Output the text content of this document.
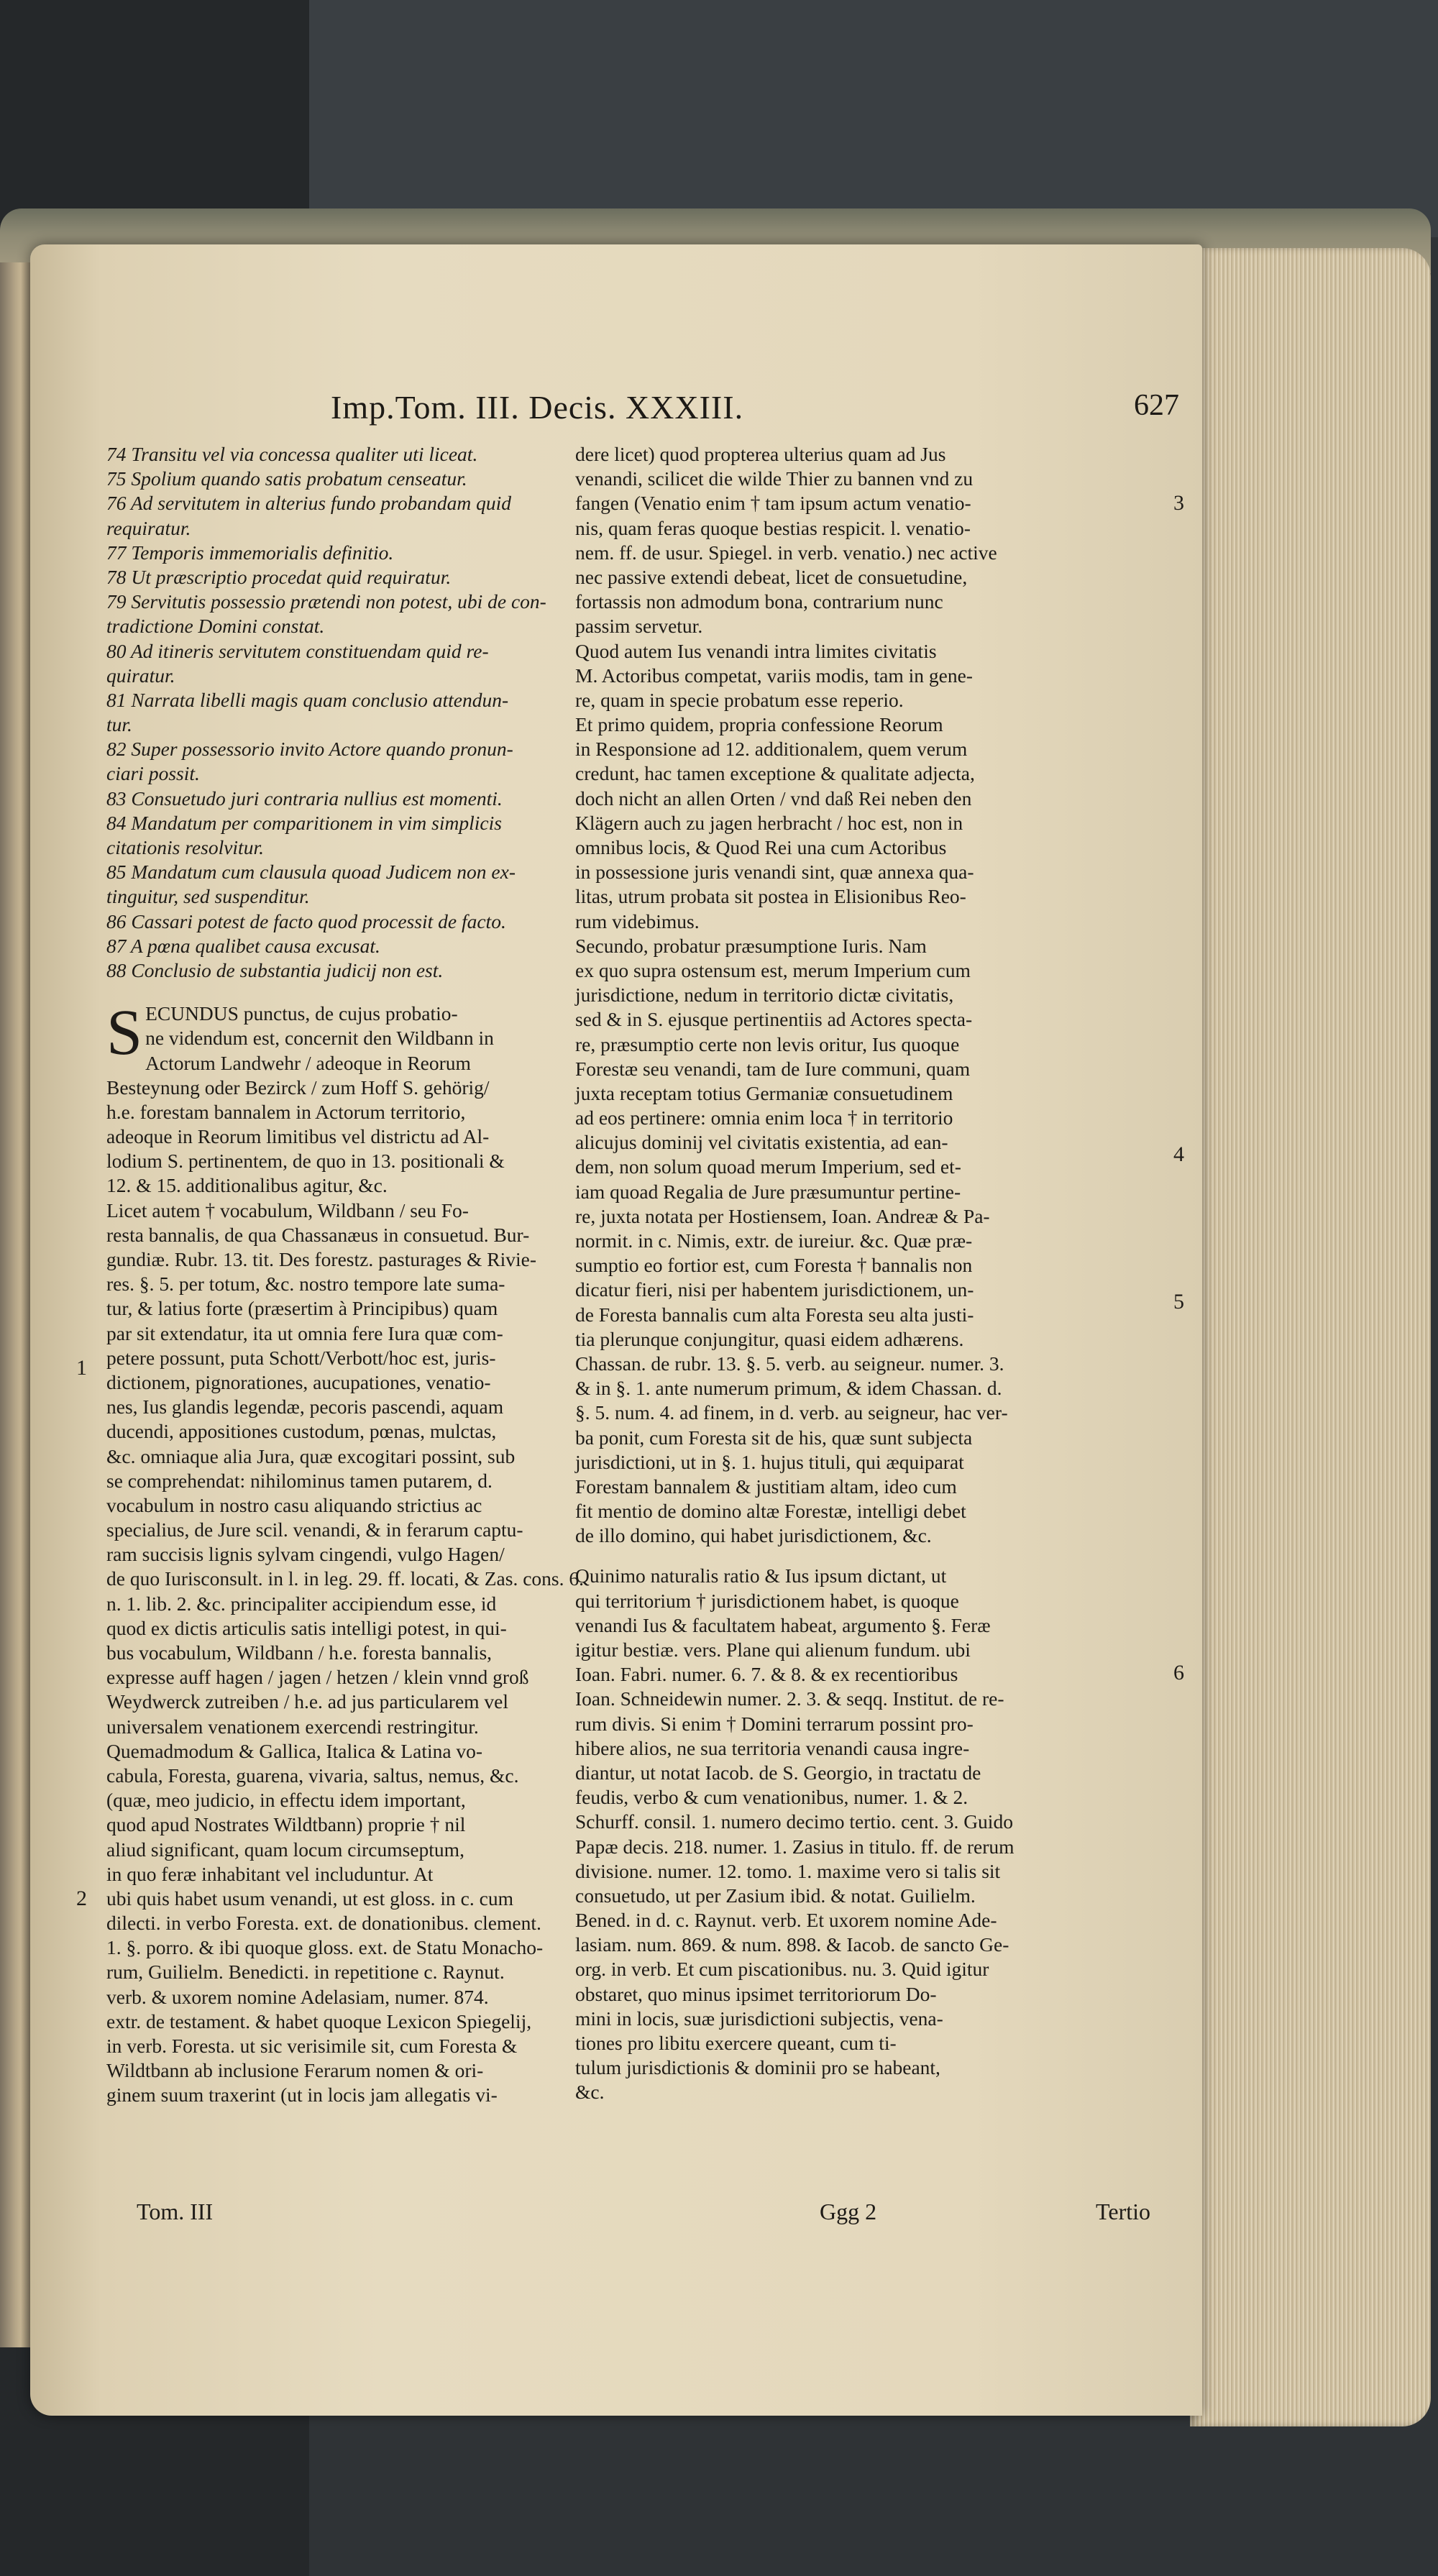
Imp.Tom. III. Decis. XXXIII.	627
74 Transitu vel via concessa qualiter uti liceat.
75 Spolium quando satis probatum censeatur.
76 Ad servitutem in alterius fundo probandam quid
requiratur.
77 Temporis immemorialis definitio.
78 Ut præscriptio procedat quid requiratur.
79 Servitutis possessio prætendi non potest, ubi de con-
tradictione Domini constat.
80 Ad itineris servitutem constituendam quid re-
quiratur.
81 Narrata libelli magis quam conclusio attendun-
tur.
82 Super possessorio invito Actore quando pronun-
ciari possit.
83 Consuetudo juri contraria nullius est momenti.
84 Mandatum per comparitionem in vim simplicis
citationis resolvitur.
85 Mandatum cum clausula quoad Judicem non ex-
tinguitur, sed suspenditur.
86 Cassari potest de facto quod processit de facto.
87 A pœna qualibet causa excusat.
88 Conclusio de substantia judicij non est.
S ECUNDUS punctus, de cujus probatio-
ne videndum est, concernit den Wildbann in
Actorum Landwehr / adeoque in Reorum
Besteynung oder Bezirck / zum Hoff S. gehörig/
h.e. forestam bannalem in Actorum territorio,
adeoque in Reorum limitibus vel districtu ad Al-
lodium S. pertinentem, de quo in 13. positionali &
12. & 15. additionalibus agitur, &c.
Licet autem † vocabulum, Wildbann / seu Fo-
resta bannalis, de qua Chassanæus in consuetud. Bur-
gundiæ. Rubr. 13. tit. Des forestz. pasturages & Rivie-
res. §. 5. per totum, &c. nostro tempore late suma-
tur, & latius forte (præsertim à Principibus) quam
par sit extendatur, ita ut omnia fere Iura quæ com-
petere possunt, puta Schott/Verbott/hoc est, juris-
dictionem, pignorationes, aucupationes, venatio-
nes, Ius glandis legendæ, pecoris pascendi, aquam
ducendi, appositiones custodum, pœnas, mulctas,
&c. omniaque alia Jura, quæ excogitari possint, sub
se comprehendat: nihilominus tamen putarem, d.
vocabulum in nostro casu aliquando strictius ac
specialius, de Jure scil. venandi, & in ferarum captu-
ram succisis lignis sylvam cingendi, vulgo Hagen/
de quo Iurisconsult. in l. in leg. 29. ff. locati, & Zas. cons. 6.
n. 1. lib. 2. &c. principaliter accipiendum esse, id
quod ex dictis articulis satis intelligi potest, in qui-
bus vocabulum, Wildbann / h.e. foresta bannalis,
expresse auff hagen / jagen / hetzen / klein vnnd groß
Weydwerck zutreiben / h.e. ad jus particularem vel
universalem venationem exercendi restringitur.
Quemadmodum & Gallica, Italica & Latina vo-
cabula, Foresta, guarena, vivaria, saltus, nemus, &c.
(quæ, meo judicio, in effectu idem important,
quod apud Nostrates Wildtbann) proprie † nil
aliud significant, quam locum circumseptum,
in quo feræ inhabitant vel includuntur. At
ubi quis habet usum venandi, ut est gloss. in c. cum
dilecti. in verbo Foresta. ext. de donationibus. clement.
1. §. porro. & ibi quoque gloss. ext. de Statu Monacho-
rum, Guilielm. Benedicti. in repetitione c. Raynut.
verb. & uxorem nomine Adelasiam, numer. 874.
extr. de testament. & habet quoque Lexicon Spiegelij,
in verb. Foresta. ut sic verisimile sit, cum Foresta &
Wildtbann ab inclusione Ferarum nomen & ori-
ginem suum traxerint (ut in locis jam allegatis vi-
dere licet) quod propterea ulterius quam ad Jus
venandi, scilicet die wilde Thier zu bannen vnd zu
fangen (Venatio enim † tam ipsum actum venatio-
nis, quam feras quoque bestias respicit. l. venatio-
nem. ff. de usur. Spiegel. in verb. venatio.) nec active
nec passive extendi debeat, licet de consuetudine,
fortassis non admodum bona, contrarium nunc
passim servetur.
Quod autem Ius venandi intra limites civitatis
M. Actoribus competat, variis modis, tam in gene-
re, quam in specie probatum esse reperio.
Et primo quidem, propria confessione Reorum
in Responsione ad 12. additionalem, quem verum
credunt, hac tamen exceptione & qualitate adjecta,
doch nicht an allen Orten / vnd daß Rei neben den
Klägern auch zu jagen herbracht / hoc est, non in
omnibus locis, & Quod Rei una cum Actoribus
in possessione juris venandi sint, quæ annexa qua-
litas, utrum probata sit postea in Elisionibus Reo-
rum videbimus.
Secundo, probatur præsumptione Iuris. Nam
ex quo supra ostensum est, merum Imperium cum
jurisdictione, nedum in territorio dictæ civitatis,
sed & in S. ejusque pertinentiis ad Actores specta-
re, præsumptio certe non levis oritur, Ius quoque
Forestæ seu venandi, tam de Iure communi, quam
juxta receptam totius Germaniæ consuetudinem
ad eos pertinere: omnia enim loca † in territorio
alicujus dominij vel civitatis existentia, ad ean-
dem, non solum quoad merum Imperium, sed et-
iam quoad Regalia de Jure præsumuntur pertine-
re, juxta notata per Hostiensem, Ioan. Andreæ & Pa-
normit. in c. Nimis, extr. de iureiur. &c. Quæ præ-
sumptio eo fortior est, cum Foresta † bannalis non
dicatur fieri, nisi per habentem jurisdictionem, un-
de Foresta bannalis cum alta Foresta seu alta justi-
tia plerunque conjungitur, quasi eidem adhærens.
Chassan. de rubr. 13. §. 5. verb. au seigneur. numer. 3.
& in §. 1. ante numerum primum, & idem Chassan. d.
§. 5. num. 4. ad finem, in d. verb. au seigneur, hac ver-
ba ponit, cum Foresta sit de his, quæ sunt subjecta
jurisdictioni, ut in §. 1. hujus tituli, qui æquiparat
Forestam bannalem & justitiam altam, ideo cum
fit mentio de domino altæ Forestæ, intelligi debet
de illo domino, qui habet jurisdictionem, &c.
Quinimo naturalis ratio & Ius ipsum dictant, ut
qui territorium † jurisdictionem habet, is quoque
venandi Ius & facultatem habeat, argumento §. Feræ
igitur bestiæ. vers. Plane qui alienum fundum. ubi
Ioan. Fabri. numer. 6. 7. & 8. & ex recentioribus
Ioan. Schneidewin numer. 2. 3. & seqq. Institut. de re-
rum divis. Si enim † Domini terrarum possint pro-
hibere alios, ne sua territoria venandi causa ingre-
diantur, ut notat Iacob. de S. Georgio, in tractatu de
feudis, verbo & cum venationibus, numer. 1. & 2.
Schurff. consil. 1. numero decimo tertio. cent. 3. Guido
Papæ decis. 218. numer. 1. Zasius in titulo. ff. de rerum
divisione. numer. 12. tomo. 1. maxime vero si talis sit
consuetudo, ut per Zasium ibid. & notat. Guilielm.
Bened. in d. c. Raynut. verb. Et uxorem nomine Ade-
lasiam. num. 869. & num. 898. & Iacob. de sancto Ge-
org. in verb. Et cum piscationibus. nu. 3. Quid igitur
obstaret, quo minus ipsimet territoriorum Do-
mini in locis, suæ jurisdictioni subjectis, vena-
tiones pro libitu exercere queant, cum ti-
tulum jurisdictionis & dominii pro se habeant,
&c.
1
2
3
4
5
6
Tom. III	Ggg 2	Tertio
